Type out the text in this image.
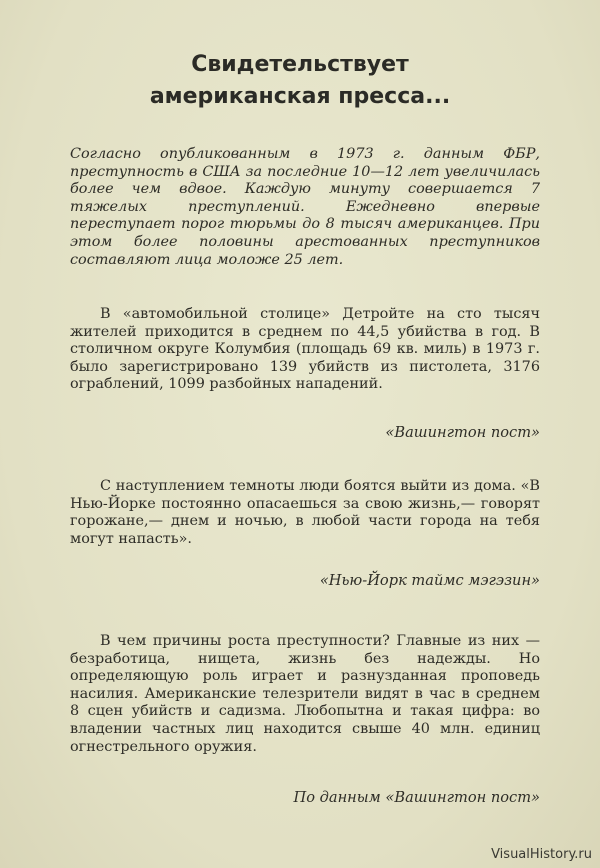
Свидетельствует
американская пресса...
Согласно опубликованным в 1973 г. данным ФБР, преступность в США за последние 10—12 лет увеличилась более чем вдвое. Каждую минуту совершается 7 тяжелых преступлений. Ежедневно впервые переступает порог тюрьмы до 8 тысяч американцев. При этом более половины арестованных преступников составляют лица моложе 25 лет.
В «автомобильной столице» Детройте на сто тысяч жителей приходится в среднем по 44,5 убийства в год. В столичном округе Колумбия (площадь 69 кв. миль) в 1973 г. было зарегистрировано 139 убийств из пистолета, 3176 ограблений, 1099 разбойных нападений.
«Вашингтон пост»
С наступлением темноты люди боятся выйти из дома. «В Нью-Йорке постоянно опасаешься за свою жизнь,— говорят горожане,— днем и ночью, в любой части города на тебя могут напасть».
«Нью-Йорк таймс мэгэзин»
В чем причины роста преступности? Главные из них — безработица, нищета, жизнь без надежды. Но определяющую роль играет и разнузданная проповедь насилия. Американские телезрители видят в час в среднем 8 сцен убийств и садизма. Любопытна и такая цифра: во владении частных лиц находится свыше 40 млн. единиц огнестрельного оружия.
По данным «Вашингтон пост»
VisualHistory.ru
